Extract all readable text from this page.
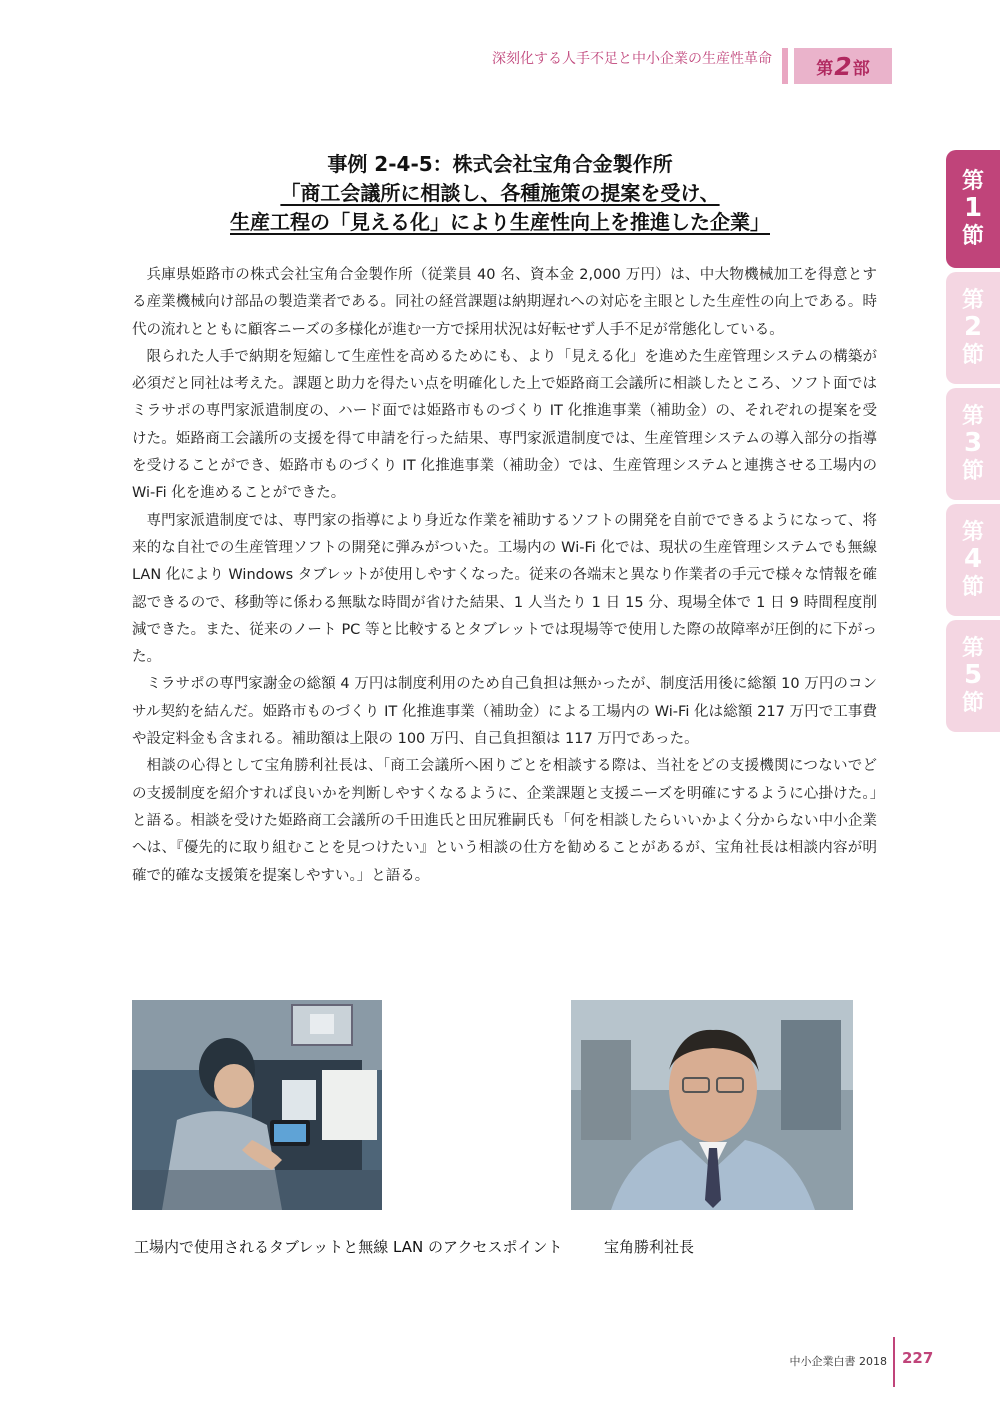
深刻化する人手不足と中小企業の生産性革命	第 2 部
第
1
節
第
2
節
第
3
節
第
4
節
第
5
節
事例 2-4-5：株式会社宝角合金製作所
「商工会議所に相談し、各種施策の提案を受け、
生産工程の「見える化」により生産性向上を推進した企業」

兵庫県姫路市の株式会社宝角合金製作所（従業員 40 名、資本金 2,000 万円）は、中大物機械加工を得意とする産業機械向け部品の製造業者である。同社の経営課題は納期遅れへの対応を主眼とした生産性の向上である。時代の流れとともに顧客ニーズの多様化が進む一方で採用状況は好転せず人手不足が常態化している。

限られた人手で納期を短縮して生産性を高めるためにも、より「見える化」を進めた生産管理システムの構築が必須だと同社は考えた。課題と助力を得たい点を明確化した上で姫路商工会議所に相談したところ、ソフト面ではミラサポの専門家派遣制度の、ハード面では姫路市ものづくり IT 化推進事業（補助金）の、それぞれの提案を受けた。姫路商工会議所の支援を得て申請を行った結果、専門家派遣制度では、生産管理システムの導入部分の指導を受けることができ、姫路市ものづくり IT 化推進事業（補助金）では、生産管理システムと連携させる工場内の Wi-Fi 化を進めることができた。

専門家派遣制度では、専門家の指導により身近な作業を補助するソフトの開発を自前でできるようになって、将来的な自社での生産管理ソフトの開発に弾みがついた。工場内の Wi-Fi 化では、現状の生産管理システムでも無線 LAN 化により Windows タブレットが使用しやすくなった。従来の各端末と異なり作業者の手元で様々な情報を確認できるので、移動等に係わる無駄な時間が省けた結果、1 人当たり 1 日 15 分、現場全体で 1 日 9 時間程度削減できた。また、従来のノート PC 等と比較するとタブレットでは現場等で使用した際の故障率が圧倒的に下がった。

ミラサポの専門家謝金の総額 4 万円は制度利用のため自己負担は無かったが、制度活用後に総額 10 万円のコンサル契約を結んだ。姫路市ものづくり IT 化推進事業（補助金）による工場内の Wi-Fi 化は総額 217 万円で工事費や設定料金も含まれる。補助額は上限の 100 万円、自己負担額は 117 万円であった。

相談の心得として宝角勝利社長は、「商工会議所へ困りごとを相談する際は、当社をどの支援機関につないでどの支援制度を紹介すれば良いかを判断しやすくなるように、企業課題と支援ニーズを明確にするように心掛けた。」と語る。相談を受けた姫路商工会議所の千田進氏と田尻雅嗣氏も「何を相談したらいいかよく分からない中小企業へは、『優先的に取り組むことを見つけたい』という相談の仕方を勧めることがあるが、宝角社長は相談内容が明確で的確な支援策を提案しやすい。」と語る。

工場内で使用されるタブレットと無線 LAN のアクセスポイント	宝角勝利社長
中小企業白書 2018 227
